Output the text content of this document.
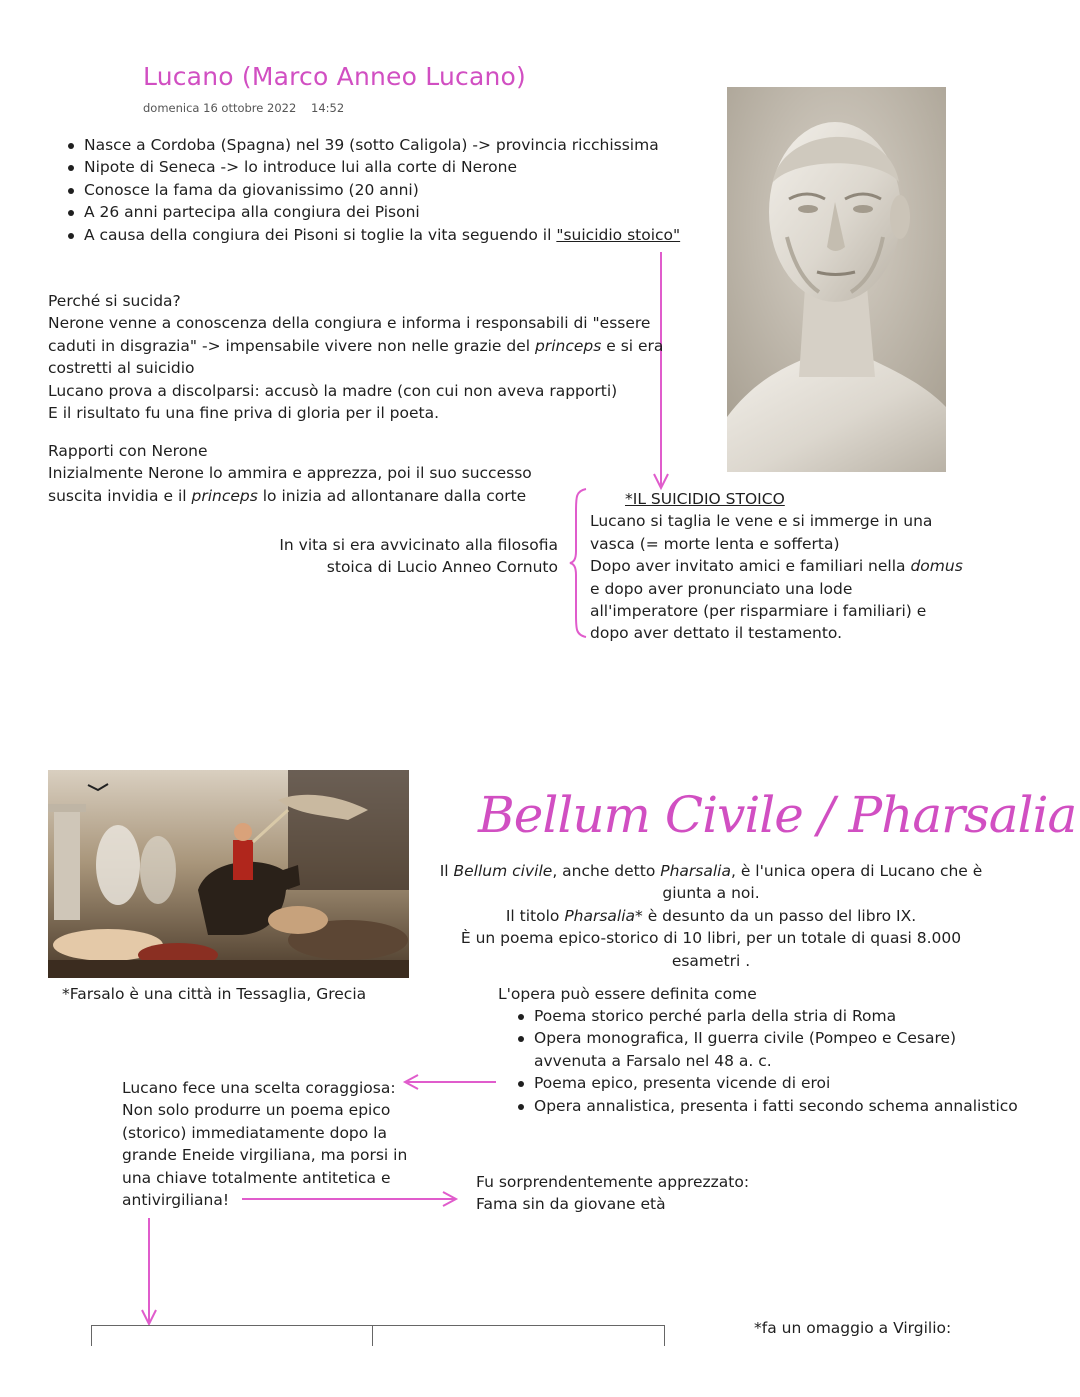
Lucano (Marco Anneo Lucano)
domenica 16 ottobre 2022 14:52
Nasce a Cordoba (Spagna) nel 39 (sotto Caligola) -> provincia ricchissima
Nipote di Seneca -> lo introduce lui alla corte di Nerone
Conosce la fama da giovanissimo (20 anni)
A 26 anni partecipa alla congiura dei Pisoni
A causa della congiura dei Pisoni si toglie la vita seguendo il "suicidio stoico"
Perché si sucida?
Nerone venne a conoscenza della congiura e informa i responsabili di "essere
caduti in disgrazia" -> impensabile vivere non nelle grazie del princeps e si era
costretti al suicidio
Lucano prova a discolparsi: accusò la madre (con cui non aveva rapporti)
E il risultato fu una fine priva di gloria per il poeta.
Rapporti con Nerone
Inizialmente Nerone lo ammira e apprezza, poi il suo successo
suscita invidia e il princeps lo inizia ad allontanare dalla corte
In vita si era avvicinato alla filosofia
stoica di Lucio Anneo Cornuto
*IL SUICIDIO STOICO
Lucano si taglia le vene e si immerge in una
vasca (= morte lenta e sofferta)
Dopo aver invitato amici e familiari nella domus
e dopo aver pronunciato una lode
all'imperatore (per risparmiare i familiari) e
dopo aver dettato il testamento.
Bellum Civile / Pharsalia
Il Bellum civile, anche detto Pharsalia, è l'unica opera di Lucano che è
giunta a noi.
Il titolo Pharsalia* è desunto da un passo del libro IX.
È un poema epico-storico di 10 libri, per un totale di quasi 8.000 esametri .
*Farsalo è una città in Tessaglia, Grecia	L'opera può essere definita come
Poema storico perché parla della stria di Roma
Opera monografica, II guerra civile (Pompeo e Cesare)
avvenuta a Farsalo nel 48 a. c.
Poema epico, presenta vicende di eroi
Opera annalistica, presenta i fatti secondo schema annalistico
Lucano fece una scelta coraggiosa:
Non solo produrre un poema epico
(storico) immediatamente dopo la
grande Eneide virgiliana, ma porsi in
una chiave totalmente antitetica e
antivirgiliana!
Fu sorprendentemente apprezzato:
Fama sin da giovane età
*fa un omaggio a Virgilio:
